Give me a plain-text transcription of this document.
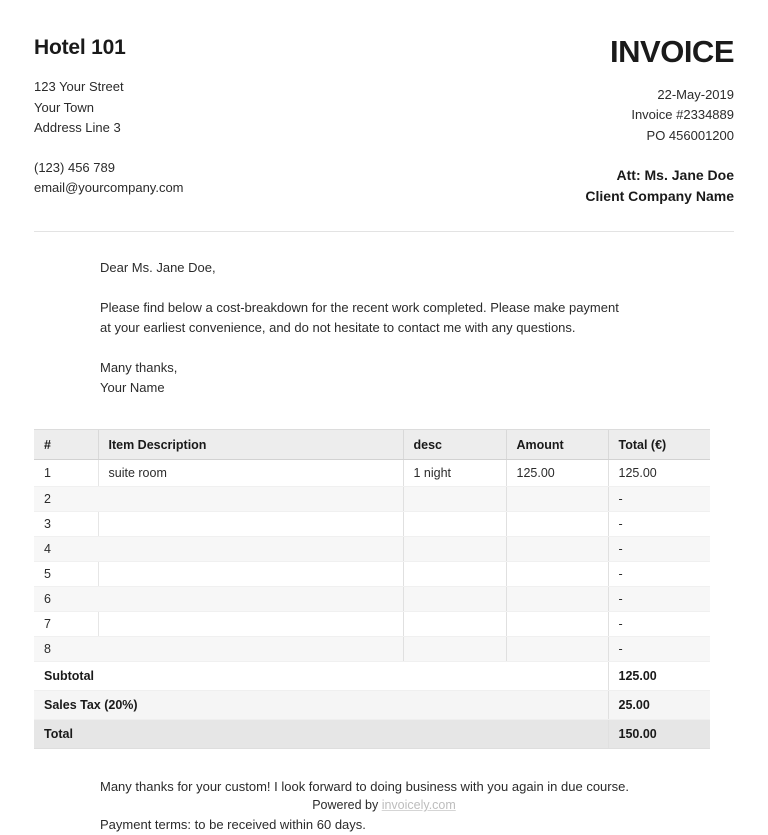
Hotel 101
123 Your Street
Your Town
Address Line 3
(123) 456 789
email@yourcompany.com
INVOICE
22-May-2019
Invoice #2334889
PO 456001200
Att: Ms. Jane Doe
Client Company Name

Dear Ms. Jane Doe,

Please find below a cost-breakdown for the recent work completed. Please make payment

at your earliest convenience, and do not hesitate to contact me with any questions.

Many thanks,

Your Name

#	Item Description	desc	Amount	Total (€)
1	suite room	1 night	125.00	125.00
2				-
3				-
4				-
5				-
6				-
7				-
8				-
Subtotal				125.00
Sales Tax (20%)				25.00
Total				150.00

Many thanks for your custom! I look forward to doing business with you again in due course.

Payment terms: to be received within 60 days.

Powered by invoicely.com
